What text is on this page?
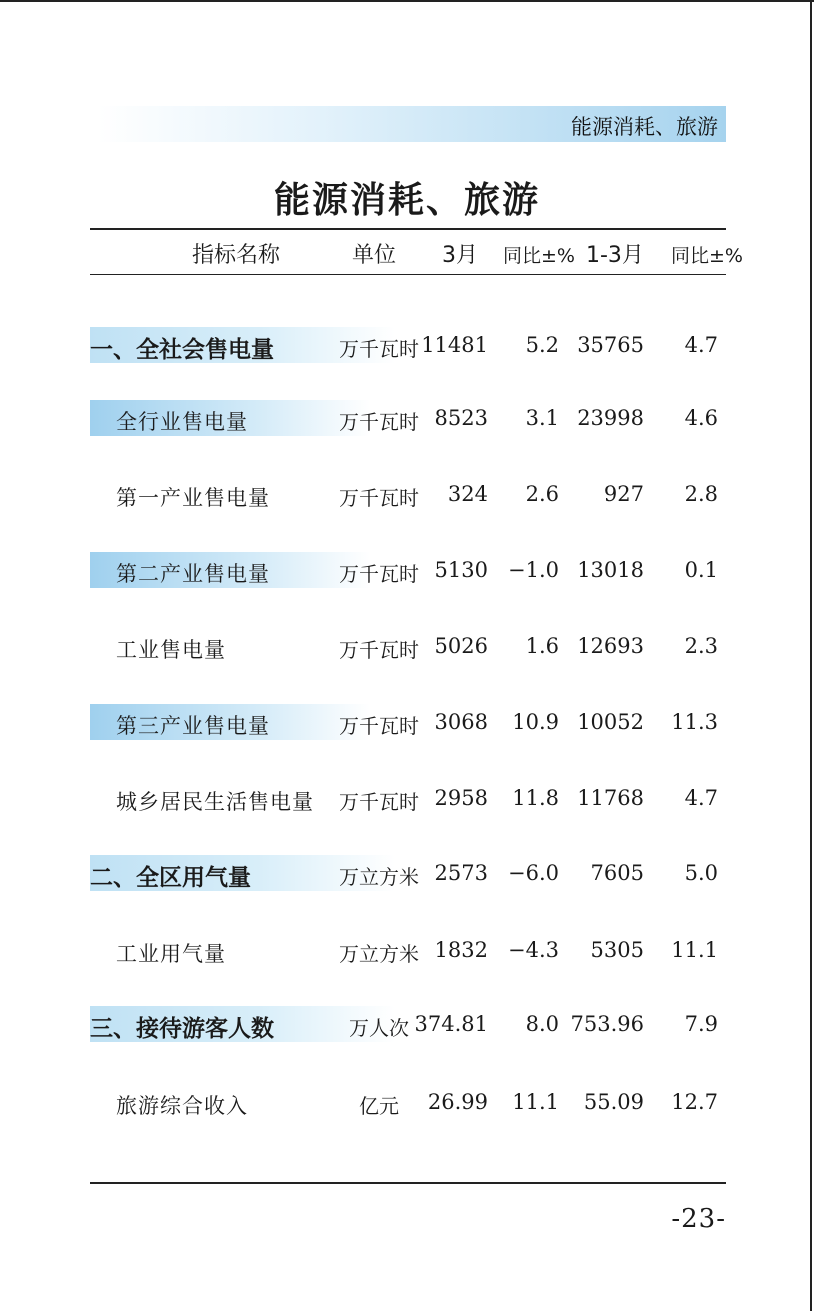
能源消耗、旅游
能源消耗、旅游
指标名称	单位 3月 同比±% 1-3月 同比±%
一、全社会售电量	万千瓦时 11481 5.2 35765 4.7
全行业售电量	万千瓦时 8523 3.1 23998 4.6
第一产业售电量	万千瓦时 324 2.6 927 2.8
第二产业售电量	万千瓦时 5130 −1.0 13018 0.1
工业售电量	万千瓦时 5026 1.6 12693 2.3
第三产业售电量	万千瓦时 3068 10.9 10052 11.3
城乡居民生活售电量 万千瓦时 2958 11.8 11768 4.7
二、全区用气量	万立方米 2573 −6.0 7605 5.0
工业用气量	万立方米 1832 −4.3 5305 11.1
三、接待游客人数	万人次 374.81 8.0 753.96 7.9
旅游综合收入	亿元	26.99 11.1 55.09 12.7
-23-
